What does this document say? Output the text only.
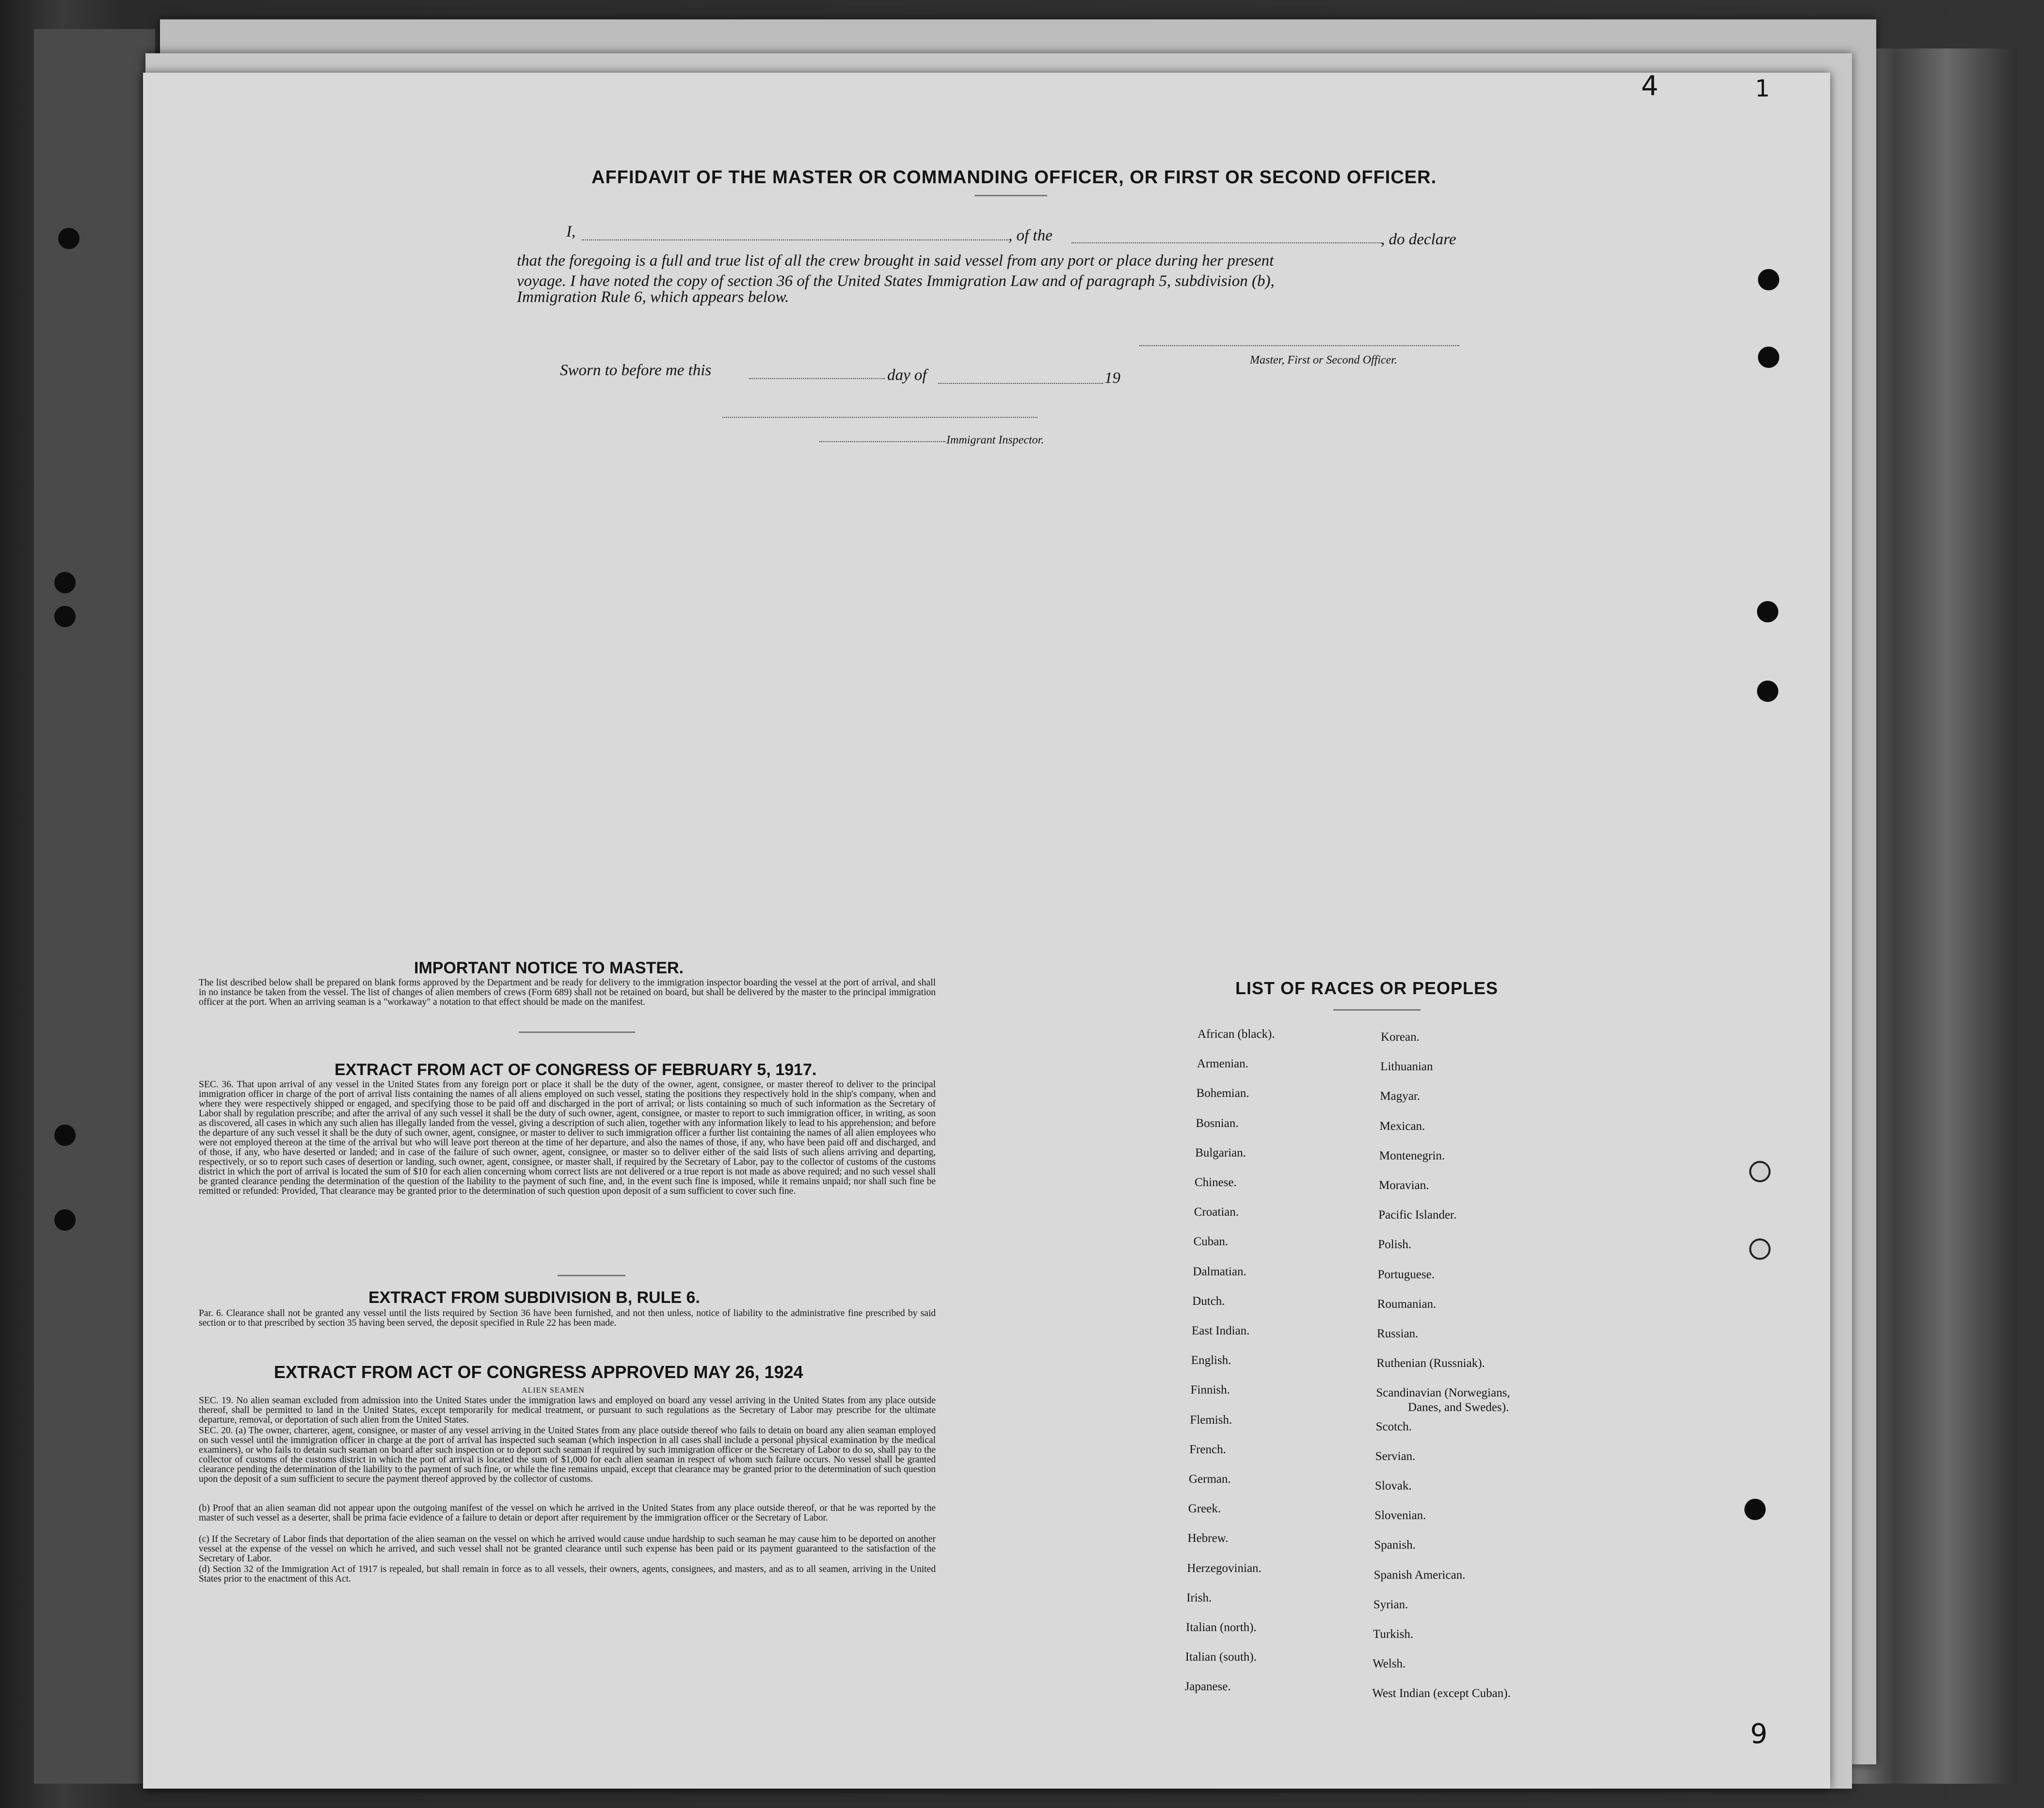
4	1
9
AFFIDAVIT OF THE MASTER OR COMMANDING OFFICER, OR FIRST OR SECOND OFFICER.
I,	, of the	, do declare
that the foregoing is a full and true list of all the crew brought in said vessel from any port or place during her present
voyage. I have noted the copy of section 36 of the United States Immigration Law and of paragraph 5, subdivision (b),
Immigration Rule 6, which appears below.
Master, First or Second Officer.
Sworn to before me this	day of	19
Immigrant Inspector.
IMPORTANT NOTICE TO MASTER.
The list described below shall be prepared on blank forms approved by the Department and be ready for delivery to the immigration inspector boarding the vessel at the port of arrival, and shall in no instance be taken from the vessel. The list of changes of alien members of crews (Form 689) shall not be retained on board, but shall be delivered by the master to the principal immigration officer at the port. When an arriving seaman is a "workaway" a notation to that effect should be made on the manifest.
EXTRACT FROM ACT OF CONGRESS OF FEBRUARY 5, 1917.
SEC. 36. That upon arrival of any vessel in the United States from any foreign port or place it shall be the duty of the owner, agent, consignee, or master thereof to deliver to the principal immigration officer in charge of the port of arrival lists containing the names of all aliens employed on such vessel, stating the positions they respectively hold in the ship's company, when and where they were respectively shipped or engaged, and specifying those to be paid off and discharged in the port of arrival; or lists containing so much of such information as the Secretary of Labor shall by regulation prescribe; and after the arrival of any such vessel it shall be the duty of such owner, agent, consignee, or master to report to such immigration officer, in writing, as soon as discovered, all cases in which any such alien has illegally landed from the vessel, giving a description of such alien, together with any information likely to lead to his apprehension; and before the departure of any such vessel it shall be the duty of such owner, agent, consignee, or master to deliver to such immigration officer a further list containing the names of all alien employees who were not employed thereon at the time of the arrival but who will leave port thereon at the time of her departure, and also the names of those, if any, who have been paid off and discharged, and of those, if any, who have deserted or landed; and in case of the failure of such owner, agent, consignee, or master so to deliver either of the said lists of such aliens arriving and departing, respectively, or so to report such cases of desertion or landing, such owner, agent, consignee, or master shall, if required by the Secretary of Labor, pay to the collector of customs of the customs district in which the port of arrival is located the sum of $10 for each alien concerning whom correct lists are not delivered or a true report is not made as above required; and no such vessel shall be granted clearance pending the determination of the question of the liability to the payment of such fine, and, in the event such fine is imposed, while it remains unpaid; nor shall such fine be remitted or refunded: Provided, That clearance may be granted prior to the determination of such question upon deposit of a sum sufficient to cover such fine.
EXTRACT FROM SUBDIVISION B, RULE 6.
Par. 6. Clearance shall not be granted any vessel until the lists required by Section 36 have been furnished, and not then unless, notice of liability to the administrative fine prescribed by said section or to that prescribed by section 35 having been served, the deposit specified in Rule 22 has been made.
EXTRACT FROM ACT OF CONGRESS APPROVED MAY 26, 1924
ALIEN SEAMEN
SEC. 19. No alien seaman excluded from admission into the United States under the immigration laws and employed on board any vessel arriving in the United States from any place outside thereof, shall be permitted to land in the United States, except temporarily for medical treatment, or pursuant to such regulations as the Secretary of Labor may prescribe for the ultimate departure, removal, or deportation of such alien from the United States.
SEC. 20. (a) The owner, charterer, agent, consignee, or master of any vessel arriving in the United States from any place outside thereof who fails to detain on board any alien seaman employed on such vessel until the immigration officer in charge at the port of arrival has inspected such seaman (which inspection in all cases shall include a personal physical examination by the medical examiners), or who fails to detain such seaman on board after such inspection or to deport such seaman if required by such immigration officer or the Secretary of Labor to do so, shall pay to the collector of customs of the customs district in which the port of arrival is located the sum of $1,000 for each alien seaman in respect of whom such failure occurs. No vessel shall be granted clearance pending the determination of the liability to the payment of such fine, or while the fine remains unpaid, except that clearance may be granted prior to the determination of such question upon the deposit of a sum sufficient to secure the payment thereof approved by the collector of customs.
(b) Proof that an alien seaman did not appear upon the outgoing manifest of the vessel on which he arrived in the United States from any place outside thereof, or that he was reported by the master of such vessel as a deserter, shall be prima facie evidence of a failure to detain or deport after requirement by the immigration officer or the Secretary of Labor.
(c) If the Secretary of Labor finds that deportation of the alien seaman on the vessel on which he arrived would cause undue hardship to such seaman he may cause him to be deported on another vessel at the expense of the vessel on which he arrived, and such vessel shall not be granted clearance until such expense has been paid or its payment guaranteed to the satisfaction of the Secretary of Labor.
(d) Section 32 of the Immigration Act of 1917 is repealed, but shall remain in force as to all vessels, their owners, agents, consignees, and masters, and as to all seamen, arriving in the United States prior to the enactment of this Act.
LIST OF RACES OR PEOPLES
African (black).
Armenian.
Bohemian.
Bosnian.
Bulgarian.
Chinese.
Croatian.
Cuban.
Dalmatian.
Dutch.
East Indian.
English.
Finnish.
Flemish.
French.
German.
Greek.
Hebrew.
Herzegovinian.
Irish.
Italian (north).
Italian (south).
Japanese.
Korean.
Lithuanian
Magyar.
Mexican.
Montenegrin.
Moravian.
Pacific Islander.
Polish.
Portuguese.
Roumanian.
Russian.
Ruthenian (Russniak).
Scandinavian (Norwegians,
Danes, and Swedes).
Scotch.
Servian.
Slovak.
Slovenian.
Spanish.
Spanish American.
Syrian.
Turkish.
Welsh.
West Indian (except Cuban).
